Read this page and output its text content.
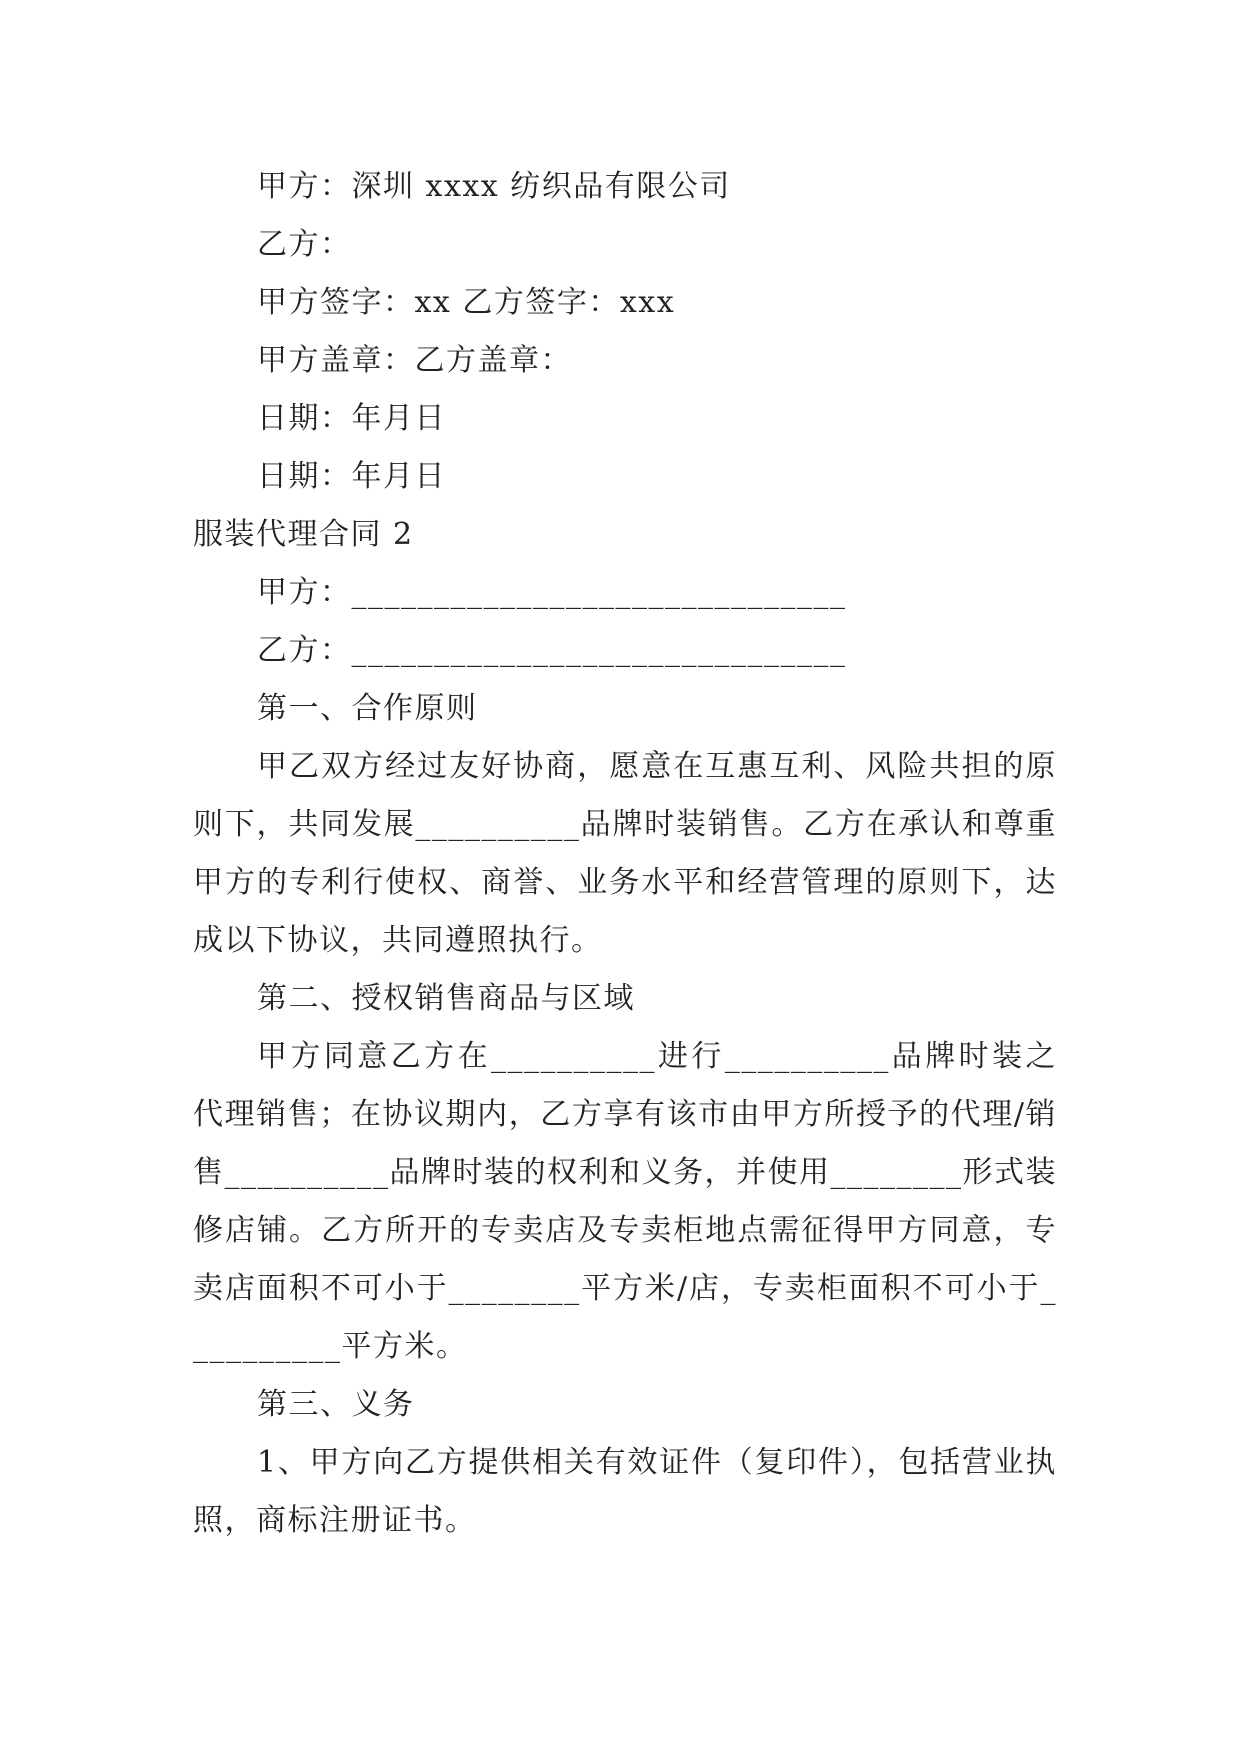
甲方：深圳 xxxx 纺织品有限公司
乙方：
甲方签字：xx 乙方签字：xxx
甲方盖章：乙方盖章：
日期：年月日
日期：年月日
服装代理合同 2
甲方：______________________________
乙方：______________________________
第一、合作原则
甲乙双方经过友好协商，愿意在互惠互利、风险共担的原则下，共同发展__________品牌时装销售。乙方在承认和尊重甲方的专利行使权、商誉、业务水平和经营管理的原则下，达成以下协议，共同遵照执行。
第二、授权销售商品与区域
甲方同意乙方在__________进行__________品牌时装之代理销售；在协议期内，乙方享有该市由甲方所授予的代理/销售__________品牌时装的权利和义务，并使用________形式装修店铺。乙方所开的专卖店及专卖柜地点需征得甲方同意，专卖店面积不可小于________平方米/店，专卖柜面积不可小于__________平方米。
第三、义务
1、甲方向乙方提供相关有效证件（复印件），包括营业执照，商标注册证书。
